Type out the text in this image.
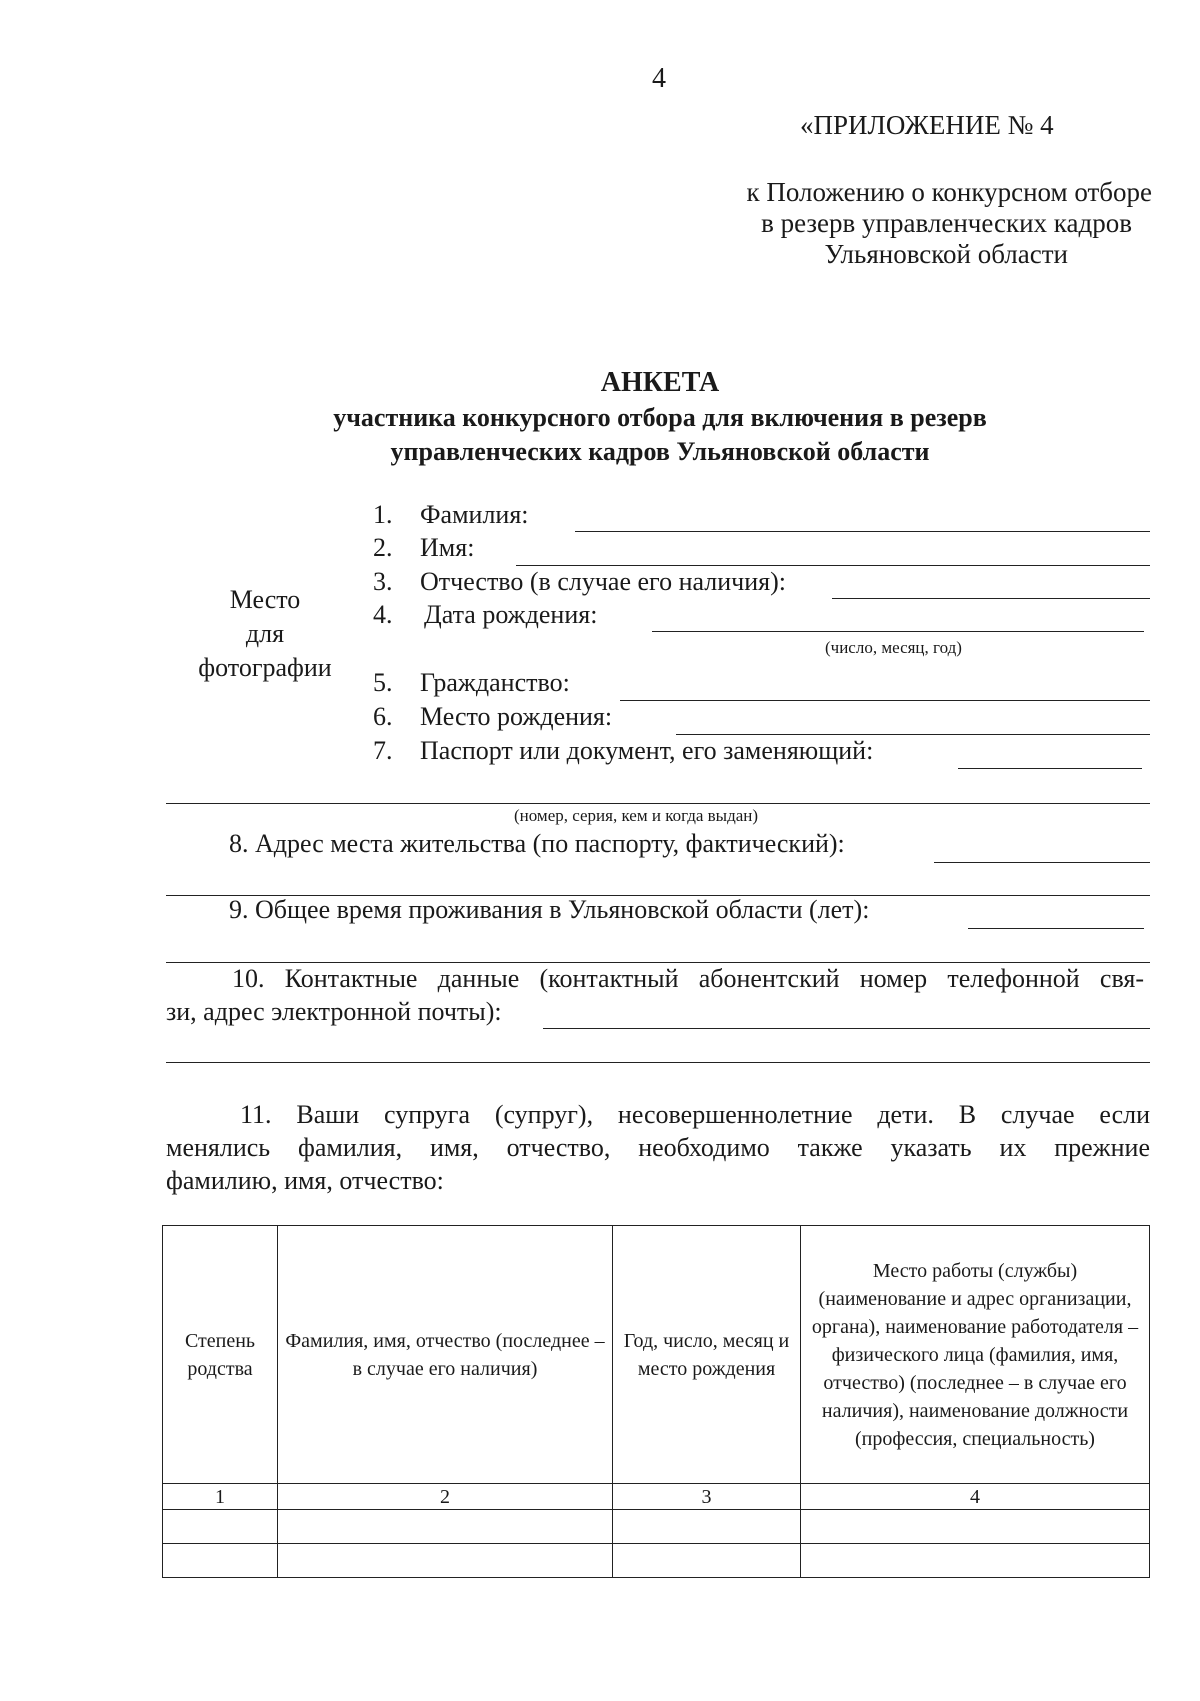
4
«ПРИЛОЖЕНИЕ № 4
к Положению о конкурсном отборе
в резерв управленческих кадров
Ульяновской области
АНКЕТА
участника конкурсного отбора для включения в резерв
управленческих кадров Ульяновской области
Место
для
фотографии
1. Фамилия:
2. Имя:
3. Отчество (в случае его наличия):
4. Дата рождения:
(число, месяц, год)
5. Гражданство:
6. Место рождения:
7. Паспорт или документ, его заменяющий:
(номер, серия, кем и когда выдан)
8. Адрес места жительства (по паспорту, фактический):
9. Общее время проживания в Ульяновской области (лет):
10. Контактные данные (контактный абонентский номер телефонной свя-
зи, адрес электронной почты):
11. Ваши супруга (супруг), несовершеннолетние дети. В случае если
менялись фамилия, имя, отчество, необходимо также указать их прежние
фамилию, имя, отчество:
Степень родства	Фамилия, имя, отчество (последнее – в случае его наличия)	Год, число, месяц и место рождения	Место работы (службы) (наименование и адрес организации, органа), наименование работодателя – физического лица (фамилия, имя, отчество) (последнее – в случае его наличия), наименование должности (профессия, специальность)
1	2	3	4
